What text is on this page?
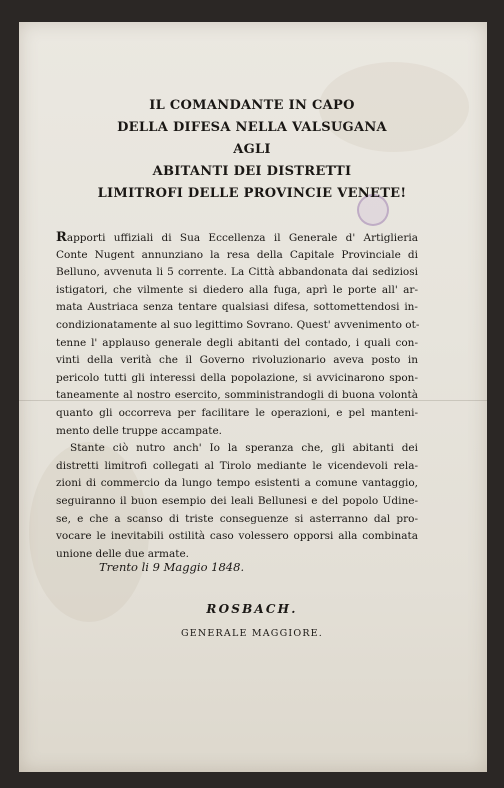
IL COMANDANTE IN CAPO
DELLA DIFESA NELLA VALSUGANA
AGLI
ABITANTI DEI DISTRETTI
LIMITROFI DELLE PROVINCIE VENETE!
Rapporti uffiziali di Sua Eccellenza il Generale d' Artiglieria
Conte Nugent annunziano la resa della Capitale Provinciale di
Belluno, avvenuta li 5 corrente. La Città abbandonata dai sediziosi
istigatori, che vilmente si diedero alla fuga, aprì le porte all' ar-
mata Austriaca senza tentare qualsiasi difesa, sottomettendosi in-
condizionatamente al suo legittimo Sovrano. Quest' avvenimento ot-
tenne l' applauso generale degli abitanti del contado, i quali con-
vinti della verità che il Governo rivoluzionario aveva posto in
pericolo tutti gli interessi della popolazione, si avvicinarono spon-
taneamente al nostro esercito, somministrandogli di buona volontà
quanto gli occorreva per facilitare le operazioni, e pel manteni-
mento delle truppe accampate.
Stante ciò nutro anch' Io la speranza che, gli abitanti dei
distretti limitrofi collegati al Tirolo mediante le vicendevoli rela-
zioni di commercio da lungo tempo esistenti a comune vantaggio,
seguiranno il buon esempio dei leali Bellunesi e del popolo Udine-
se, e che a scanso di triste conseguenze si asterranno dal pro-
vocare le inevitabili ostilità caso volessero opporsi alla combinata
unione delle due armate.
Trento li 9 Maggio 1848.
ROSBACH.
GENERALE MAGGIORE.
